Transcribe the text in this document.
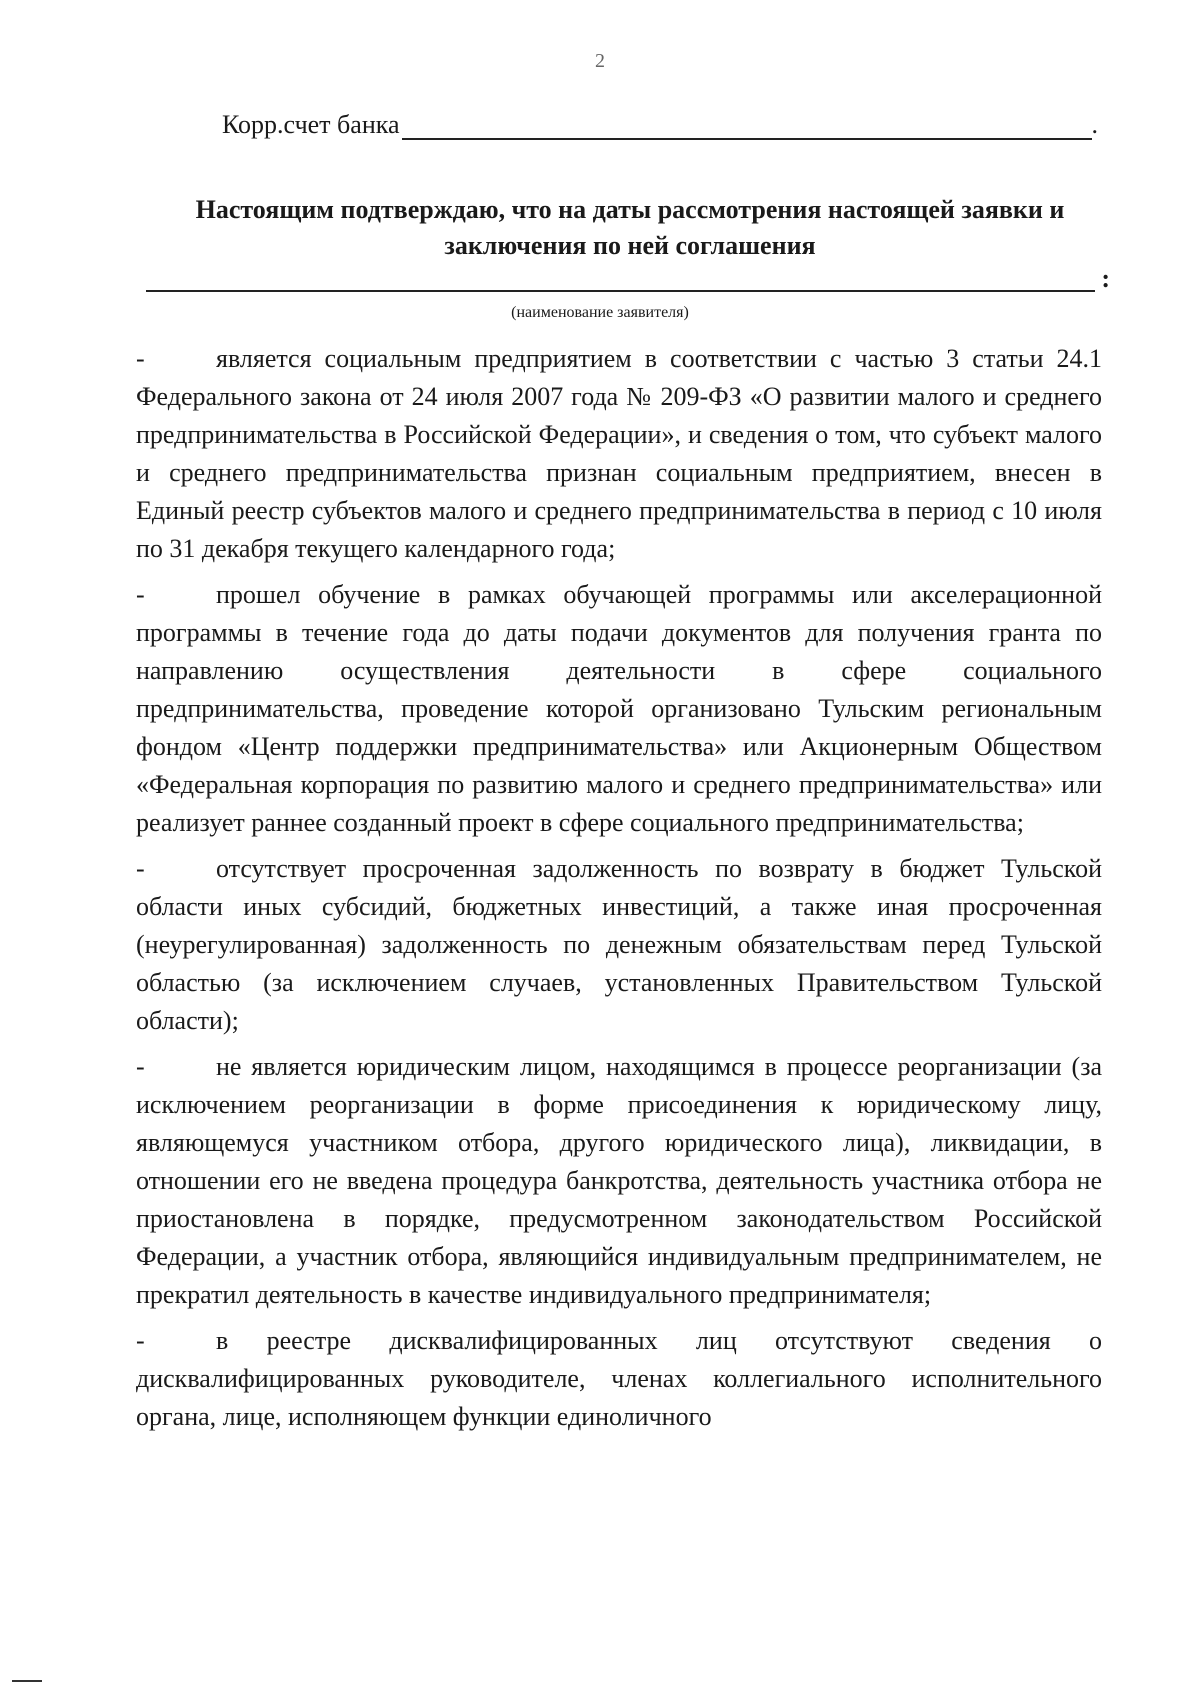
2
Корр.счет банка	.
Настоящим подтверждаю, что на даты рассмотрения настоящей заявки и заключения по ней соглашения
:
(наименование заявителя)

-	является социальным предприятием в соответствии с частью 3 статьи 24.1 Федерального закона от 24 июля 2007 года № 209-ФЗ «О развитии малого и среднего предпринимательства в Российской Федерации», и сведения о том, что субъект малого и среднего предпринимательства признан социальным предприятием, внесен в Единый реестр субъектов малого и среднего предпринимательства в период с 10 июля по 31 декабря текущего календарного года;

-	прошел обучение в рамках обучающей программы или акселерационной программы в течение года до даты подачи документов для получения гранта по направлению осуществления деятельности в сфере социального предпринимательства, проведение которой организовано Тульским региональным фондом «Центр поддержки предпринимательства» или Акционерным Обществом «Федеральная корпорация по развитию малого и среднего предпринимательства» или реализует раннее созданный проект в сфере социального предпринимательства;

-	отсутствует просроченная задолженность по возврату в бюджет Тульской области иных субсидий, бюджетных инвестиций, а также иная просроченная (неурегулированная) задолженность по денежным обязательствам перед Тульской областью (за исключением случаев, установленных Правительством Тульской области);

-	не является юридическим лицом, находящимся в процессе реорганизации (за исключением реорганизации в форме присоединения к юридическому лицу, являющемуся участником отбора, другого юридического лица), ликвидации, в отношении его не введена процедура банкротства, деятельность участника отбора не приостановлена в порядке, предусмотренном законодательством Российской Федерации, а участник отбора, являющийся индивидуальным предпринимателем, не прекратил деятельность в качестве индивидуального предпринимателя;

-	в реестре дисквалифицированных лиц отсутствуют сведения о дисквалифицированных руководителе, членах коллегиального исполнительного органа, лице, исполняющем функции единоличного
